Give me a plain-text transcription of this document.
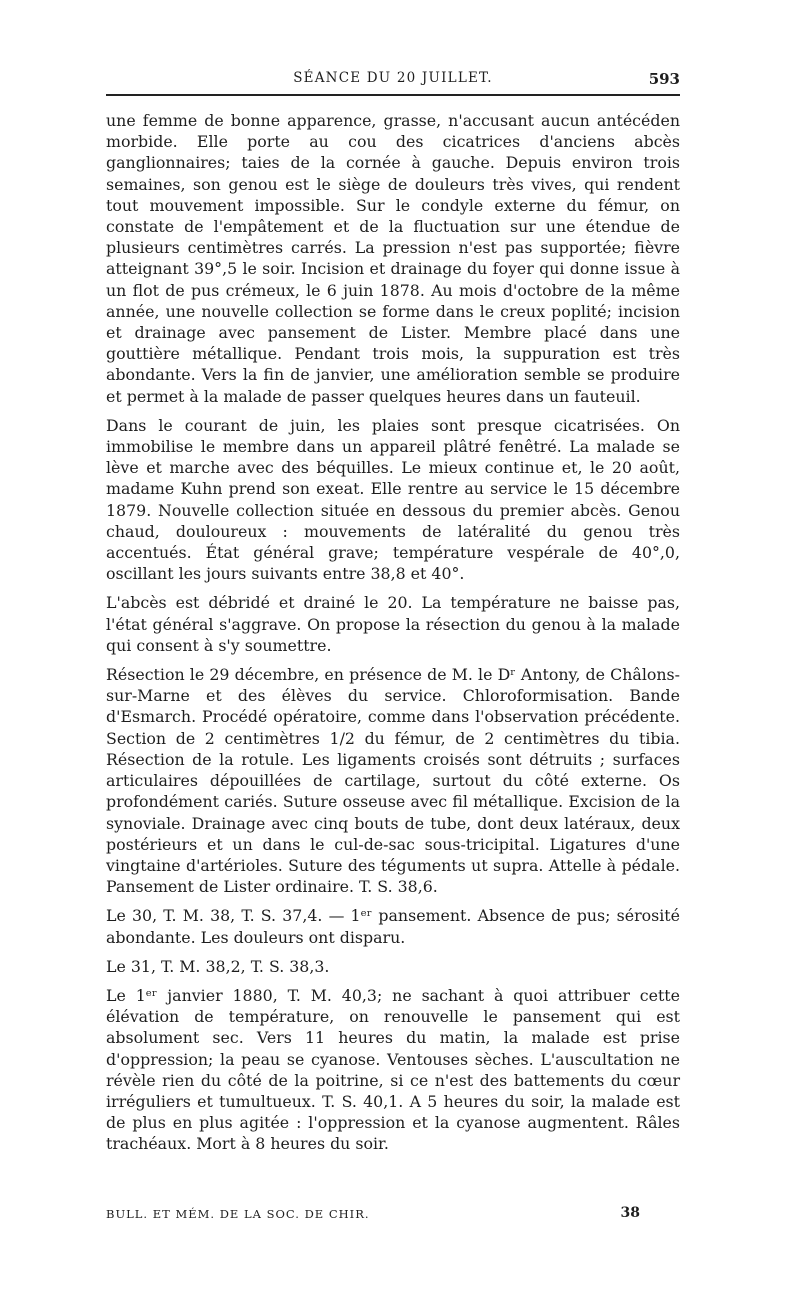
SÉANCE DU 20 JUILLET.	593

une femme de bonne apparence, grasse, n'accusant aucun antécéden morbide. Elle porte au cou des cicatrices d'anciens abcès ganglionnaires; taies de la cornée à gauche. Depuis environ trois semaines, son genou est le siège de douleurs très vives, qui rendent tout mouvement impossible. Sur le condyle externe du fémur, on constate de l'empâtement et de la fluctuation sur une étendue de plusieurs centimètres carrés. La pression n'est pas supportée; fièvre atteignant 39°,5 le soir. Incision et drainage du foyer qui donne issue à un flot de pus crémeux, le 6 juin 1878. Au mois d'octobre de la même année, une nouvelle collection se forme dans le creux poplité; incision et drainage avec pansement de Lister. Membre placé dans une gouttière métallique. Pendant trois mois, la suppuration est très abondante. Vers la fin de janvier, une amélioration semble se produire et permet à la malade de passer quelques heures dans un fauteuil.

Dans le courant de juin, les plaies sont presque cicatrisées. On immobilise le membre dans un appareil plâtré fenêtré. La malade se lève et marche avec des béquilles. Le mieux continue et, le 20 août, madame Kuhn prend son exeat. Elle rentre au service le 15 décembre 1879. Nouvelle collection située en dessous du premier abcès. Genou chaud, douloureux : mouvements de latéralité du genou très accentués. État général grave; température vespérale de 40°,0, oscillant les jours suivants entre 38,8 et 40°.

L'abcès est débridé et drainé le 20. La température ne baisse pas, l'état général s'aggrave. On propose la résection du genou à la malade qui consent à s'y soumettre.

Résection le 29 décembre, en présence de M. le Dʳ Antony, de Châlons-sur-Marne et des élèves du service. Chloroformisation. Bande d'Esmarch. Procédé opératoire, comme dans l'observation précédente. Section de 2 centimètres 1/2 du fémur, de 2 centimètres du tibia. Résection de la rotule. Les ligaments croisés sont détruits ; surfaces articulaires dépouillées de cartilage, surtout du côté externe. Os profondément cariés. Suture osseuse avec fil métallique. Excision de la synoviale. Drainage avec cinq bouts de tube, dont deux latéraux, deux postérieurs et un dans le cul-de-sac sous-tricipital. Ligatures d'une vingtaine d'artérioles. Suture des téguments ut supra. Attelle à pédale. Pansement de Lister ordinaire. T. S. 38,6.

Le 30, T. M. 38, T. S. 37,4. — 1ᵉʳ pansement. Absence de pus; sérosité abondante. Les douleurs ont disparu.

Le 31, T. M. 38,2, T. S. 38,3.

Le 1ᵉʳ janvier 1880, T. M. 40,3; ne sachant à quoi attribuer cette élévation de température, on renouvelle le pansement qui est absolument sec. Vers 11 heures du matin, la malade est prise d'oppression; la peau se cyanose. Ventouses sèches. L'auscultation ne révèle rien du côté de la poitrine, si ce n'est des battements du cœur irréguliers et tumultueux. T. S. 40,1. A 5 heures du soir, la malade est de plus en plus agitée : l'oppression et la cyanose augmentent. Râles trachéaux. Mort à 8 heures du soir.

BULL. ET MÉM. DE LA SOC. DE CHIR.	38
